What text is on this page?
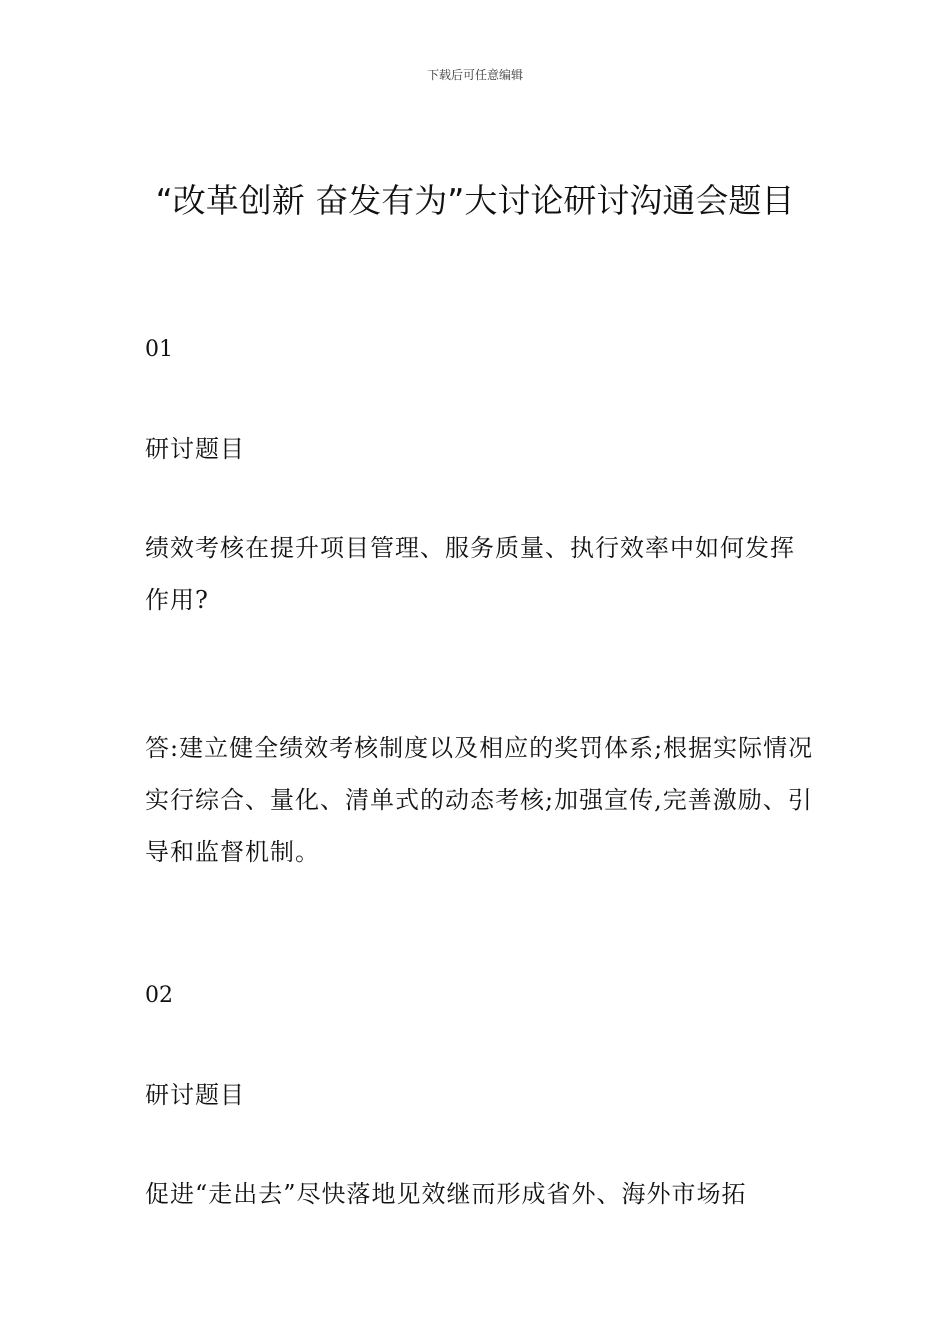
下载后可任意编辑
“改革创新 奋发有为”大讨论研讨沟通会题目

01

研讨题目

绩效考核在提升项目管理、服务质量、执行效率中如何发挥作用?

答:建立健全绩效考核制度以及相应的奖罚体系;根据实际情况实行综合、量化、清单式的动态考核;加强宣传,完善激励、引导和监督机制。

02

研讨题目

促进“走出去”尽快落地见效继而形成省外、海外市场拓
